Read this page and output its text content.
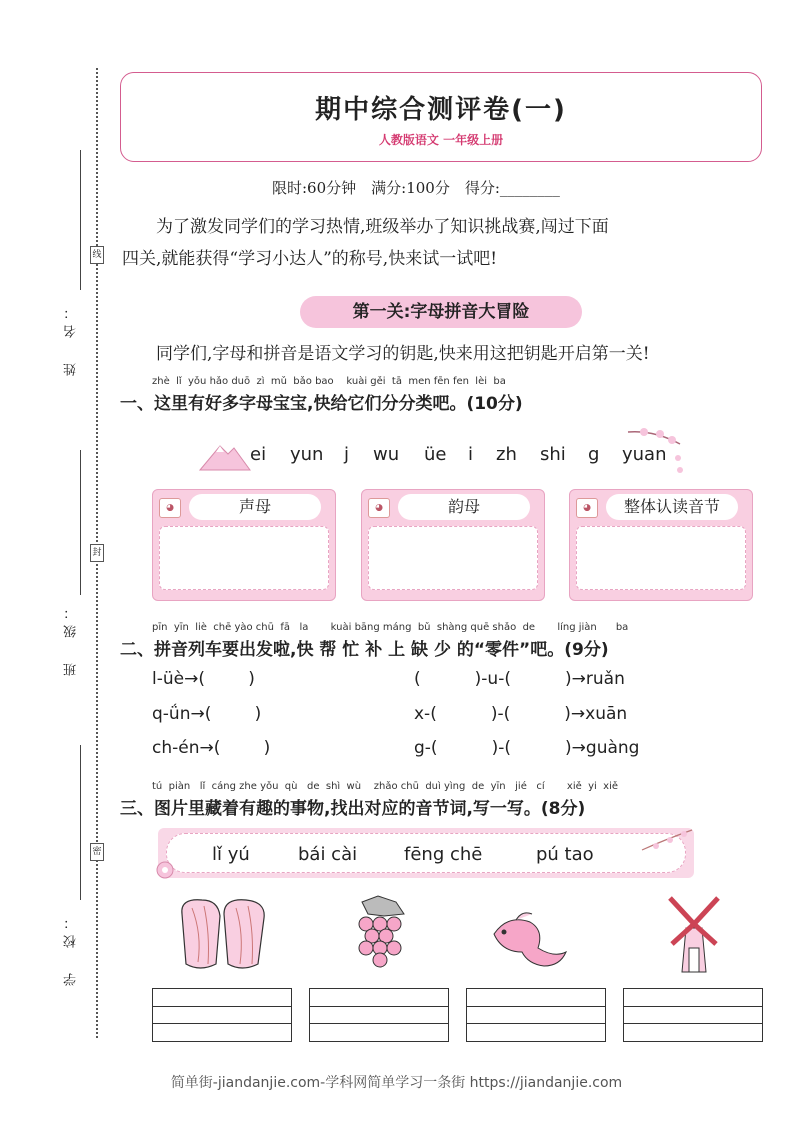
姓　名：
线
班　级：
封
学　校：
密
期中综合测评卷(一)
人教版语文 一年级上册
限时:60分钟　满分:100分　得分:________
　　为了激发同学们的学习热情,班级举办了知识挑战赛,闯过下面
四关,就能获得“学习小达人”的称号,快来试一试吧!
第一关:字母拼音大冒险
　　同学们,字母和拼音是语文学习的钥匙,快来用这把钥匙开启第一关!
zhè  lǐ  yǒu hǎo duō  zì  mǔ  bǎo bao    kuài gěi  tā  men fēn fen  lèi  ba
一、这里有好多字母宝宝,快给它们分分类吧。(10分)
ei yun j wu üe i zh shi g yuan
◕	声母	◕	韵母	◕	整体认读音节
pīn  yīn  liè  chē yào chū  fā   la       kuài bāng máng  bǔ  shàng quē shǎo  de       líng jiàn      ba
二、拼音列车要出发啦,快 帮 忙 补 上 缺 少 的“零件”吧。(9分)
l-üè→(        )	(          )-u-(          )→ruǎn
q-ǘn→(        )	x-(          )-(          )→xuān
ch-én→(        )	g-(          )-(          )→guàng
tú  piàn   lǐ  cáng zhe yǒu  qù   de  shì  wù    zhǎo chū  duì yìng  de  yīn   jié   cí       xiě  yi  xiě
三、图片里藏着有趣的事物,找出对应的音节词,写一写。(8分)
lǐ yú	bái cài	fēng chē	pú tao
简单街-jiandanjie.com-学科网简单学习一条街 https://jiandanjie.com
